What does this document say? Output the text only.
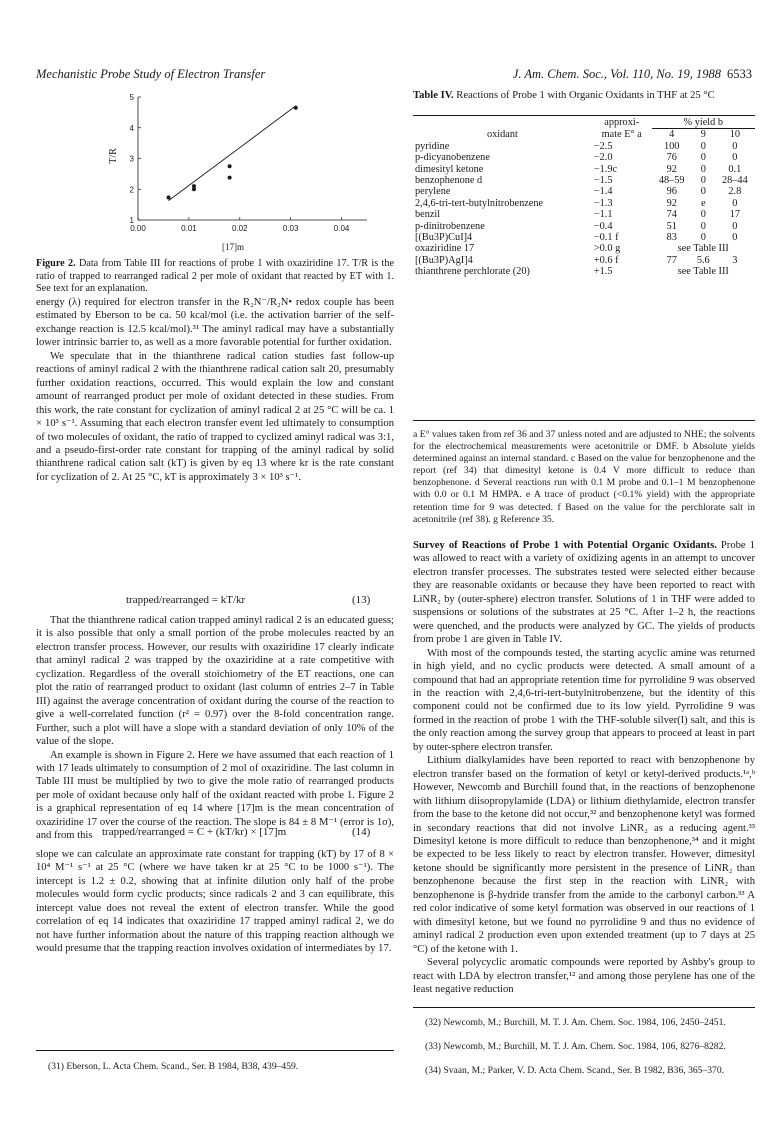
Mechanistic Probe Study of Electron Transfer	J. Am. Chem. Soc., Vol. 110, No. 19, 1988 6533
0.00	0.01	0.02	0.03	0.04
1
2
3
4
5
T/R
[17]m
Figure 2. Data from Table III for reactions of probe 1 with oxaziridine 17. T/R is the ratio of trapped to rearranged radical 2 per mole of oxidant that reacted by ET with 1. See text for an explanation.

energy (λ) required for electron transfer in the R₂N⁻/R₂N• redox couple has been estimated by Eberson to be ca. 50 kcal/mol (i.e. the activation barrier of the self-exchange reaction is 12.5 kcal/mol).³¹ The aminyl radical may have a substantially lower intrinsic barrier to, as well as a more favorable potential for further oxidation.

We speculate that in the thianthrene radical cation studies fast follow-up reactions of aminyl radical 2 with the thianthrene radical cation salt 20, presumably further oxidation reactions, occurred. This would explain the low and constant amount of rearranged product per mole of oxidant detected in these studies. From this work, the rate constant for cyclization of aminyl radical 2 at 25 °C will be ca. 1 × 10³ s⁻¹. Assuming that each electron transfer event led ultimately to consumption of two molecules of oxidant, the ratio of trapped to cyclized aminyl radical was 3:1, and a pseudo-first-order rate constant for trapping of the aminyl radical by solid thianthrene radical cation salt (kT) is given by eq 13 where kr is the rate constant for cyclization of 2. At 25 °C, kT is approximately 3 × 10³ s⁻¹.

trapped/rearranged = kT/kr	(13)

That the thianthrene radical cation trapped aminyl radical 2 is an educated guess; it is also possible that only a small portion of the probe molecules reacted by an electron transfer process. However, our results with oxaziridine 17 clearly indicate that aminyl radical 2 was trapped by the oxaziridine at a rate competitive with cyclization. Regardless of the overall stoichiometry of the ET reactions, one can plot the ratio of rearranged product to oxidant (last column of entries 2–7 in Table III) against the average concentration of oxidant during the course of the reaction to give a well-correlated function (r² = 0.97) over the 8-fold concentration range. Further, such a plot will have a slope with a standard deviation of only 10% of the value of the slope.

An example is shown in Figure 2. Here we have assumed that each reaction of 1 with 17 leads ultimately to consumption of 2 mol of oxaziridine. The last column in Table III must be multiplied by two to give the mole ratio of rearranged products per mole of oxidant because only half of the oxidant reacted with probe 1. Figure 2 is a graphical representation of eq 14 where [17]m is the mean concentration of oxaziridine 17 over the course of the reaction. The slope is 84 ± 8 M⁻¹ (error is 1σ), and from this trapped/rearranged = C + (kT/kr) × [17]m	(14)

slope we can calculate an approximate rate constant for trapping (kT) by 17 of 8 × 10⁴ M⁻¹ s⁻¹ at 25 °C (where we have taken kr at 25 °C to be 1000 s⁻¹). The intercept is 1.2 ± 0.2, showing that at infinite dilution only half of the probe molecules would form cyclic products; since radicals 2 and 3 can equilibrate, this intercept value does not reveal the extent of electron transfer. While the good correlation of eq 14 indicates that oxaziridine 17 trapped aminyl radical 2, we do not have further information about the nature of this trapping reaction although we would presume that the trapping reaction involves oxidation of intermediates by 17.

(31) Eberson, L. Acta Chem. Scand., Ser. B 1984, B38, 439–459.
Table IV. Reactions of Probe 1 with Organic Oxidants in THF at 25 °C
	approxi-	% yield b		
oxidant	mate E° a	4	9	10
pyridine	−2.5	100	0	0
p-dicyanobenzene	−2.0	76	0	0
dimesityl ketone	−1.9c	92	0	0.1
benzophenone d	−1.5	48–59	0	28–44
perylene	−1.4	96	0	2.8
2,4,6-tri-tert-butylnitrobenzene	−1.3	92	e	0
benzil	−1.1	74	0	17
p-dinitrobenzene	−0.4	51	0	0
[(Bu3P)CuI]4	−0.1 f	83	0	0
oxaziridine 17	>0.0 g	see Table III		
[(Bu3P)AgI]4	+0.6 f	77	5.6	3
thianthrene perchlorate (20)	+1.5	see Table III		
a E° values taken from ref 36 and 37 unless noted and are adjusted to NHE; the solvents for the electrochemical measurements were acetonitrile or DMF. b Absolute yields determined against an internal standard. c Based on the value for benzophenone and the report (ref 34) that dimesityl ketone is 0.4 V more difficult to reduce than benzophenone. d Several reactions run with 0.1 M probe and 0.1–1 M benzophenone with 0.0 or 0.1 M HMPA. e A trace of product (<0.1% yield) with the appropriate retention time for 9 was detected. f Based on the value for the perchlorate salt in acetonitrile (ref 38). g Reference 35.

Survey of Reactions of Probe 1 with Potential Organic Oxidants. Probe 1 was allowed to react with a variety of oxidizing agents in an attempt to uncover electron transfer processes. The substrates tested were selected either because they are reasonable oxidants or because they have been reported to react with LiNR₂ by (outer-sphere) electron transfer. Solutions of 1 in THF were added to suspensions or solutions of the substrates at 25 °C. After 1–2 h, the reactions were quenched, and the products were analyzed by GC. The yields of products from probe 1 are given in Table IV.

With most of the compounds tested, the starting acyclic amine was returned in high yield, and no cyclic products were detected. A small amount of a compound that had an appropriate retention time for pyrrolidine 9 was observed in the reaction with 2,4,6-tri-tert-butylnitrobenzene, but the identity of this component could not be confirmed due to its low yield. Pyrrolidine 9 was formed in the reaction of probe 1 with the THF-soluble silver(I) salt, and this is the only reaction among the survey group that appears to proceed at least in part by outer-sphere electron transfer.

Lithium dialkylamides have been reported to react with benzophenone by electron transfer based on the formation of ketyl or ketyl-derived products.¹ᵃ,ᵇ However, Newcomb and Burchill found that, in the reactions of benzophenone with lithium diisopropylamide (LDA) or lithium diethylamide, electron transfer from the base to the ketone did not occur,³² and benzophenone ketyl was formed in secondary reactions that did not involve LiNR₂ as a reducing agent.³³ Dimesityl ketone is more difficult to reduce than benzophenone,³⁴ and it might be expected to be less likely to react by electron transfer. However, dimesityl ketone should be significantly more persistent in the presence of LiNR₂ than benzophenone because the first step in the reaction with LiNR₂ with benzophenone is β-hydride transfer from the amide to the carbonyl carbon.³³ A red color indicative of some ketyl formation was observed in our reactions of 1 with dimesityl ketone, but we found no pyrrolidine 9 and thus no evidence of aminyl radical 2 production even upon extended treatment (up to 7 days at 25 °C) of the ketone with 1.

Several polycyclic aromatic compounds were reported by Ashby's group to react with LDA by electron transfer,¹² and among those perylene has one of the least negative reduction

(32) Newcomb, M.; Burchill, M. T. J. Am. Chem. Soc. 1984, 106, 2450–2451.
(33) Newcomb, M.; Burchill, M. T. J. Am. Chem. Soc. 1984, 106, 8276–8282.
(34) Svaan, M.; Parker, V. D. Acta Chem. Scand., Ser. B 1982, B36, 365–370.
